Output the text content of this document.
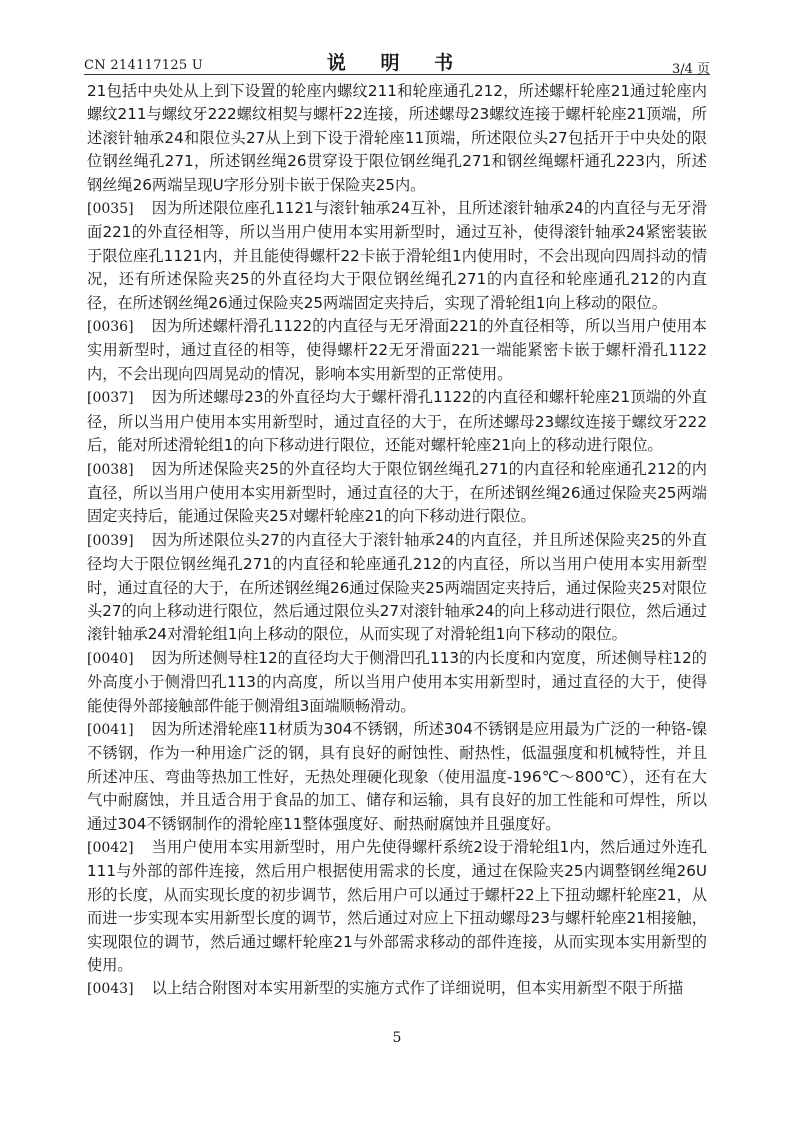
CN 214117125 U	说 明 书	3/4 页

21包括中央处从上到下设置的轮座内螺纹211和轮座通孔212，所述螺杆轮座21通过轮座内螺纹211与螺纹牙222螺纹相契与螺杆22连接，所述螺母23螺纹连接于螺杆轮座21顶端，所述滚针轴承24和限位头27从上到下设于滑轮座11顶端，所述限位头27包括开于中央处的限位钢丝绳孔271，所述钢丝绳26贯穿设于限位钢丝绳孔271和钢丝绳螺杆通孔223内，所述钢丝绳26两端呈现U字形分别卡嵌于保险夹25内。

[0035] 因为所述限位座孔1121与滚针轴承24互补，且所述滚针轴承24的内直径与无牙滑面221的外直径相等，所以当用户使用本实用新型时，通过互补，使得滚针轴承24紧密装嵌于限位座孔1121内，并且能使得螺杆22卡嵌于滑轮组1内使用时，不会出现向四周抖动的情况，还有所述保险夹25的外直径均大于限位钢丝绳孔271的内直径和轮座通孔212的内直径，在所述钢丝绳26通过保险夹25两端固定夹持后，实现了滑轮组1向上移动的限位。

[0036] 因为所述螺杆滑孔1122的内直径与无牙滑面221的外直径相等，所以当用户使用本实用新型时，通过直径的相等，使得螺杆22无牙滑面221一端能紧密卡嵌于螺杆滑孔1122内，不会出现向四周晃动的情况，影响本实用新型的正常使用。

[0037] 因为所述螺母23的外直径均大于螺杆滑孔1122的内直径和螺杆轮座21顶端的外直径，所以当用户使用本实用新型时，通过直径的大于，在所述螺母23螺纹连接于螺纹牙222后，能对所述滑轮组1的向下移动进行限位，还能对螺杆轮座21向上的移动进行限位。

[0038] 因为所述保险夹25的外直径均大于限位钢丝绳孔271的内直径和轮座通孔212的内直径，所以当用户使用本实用新型时，通过直径的大于，在所述钢丝绳26通过保险夹25两端固定夹持后，能通过保险夹25对螺杆轮座21的向下移动进行限位。

[0039] 因为所述限位头27的内直径大于滚针轴承24的内直径，并且所述保险夹25的外直径均大于限位钢丝绳孔271的内直径和轮座通孔212的内直径，所以当用户使用本实用新型时，通过直径的大于，在所述钢丝绳26通过保险夹25两端固定夹持后，通过保险夹25对限位头27的向上移动进行限位，然后通过限位头27对滚针轴承24的向上移动进行限位，然后通过滚针轴承24对滑轮组1向上移动的限位，从而实现了对滑轮组1向下移动的限位。

[0040] 因为所述侧导柱12的直径均大于侧滑凹孔113的内长度和内宽度，所述侧导柱12的外高度小于侧滑凹孔113的内高度，所以当用户使用本实用新型时，通过直径的大于，使得能使得外部接触部件能于侧滑组3面端顺畅滑动。

[0041] 因为所述滑轮座11材质为304不锈钢，所述304不锈钢是应用最为广泛的一种铬-镍不锈钢，作为一种用途广泛的钢，具有良好的耐蚀性、耐热性，低温强度和机械特性，并且所述冲压、弯曲等热加工性好，无热处理硬化现象（使用温度-196℃～800℃），还有在大气中耐腐蚀，并且适合用于食品的加工、储存和运输，具有良好的加工性能和可焊性，所以通过304不锈钢制作的滑轮座11整体强度好、耐热耐腐蚀并且强度好。

[0042] 当用户使用本实用新型时，用户先使得螺杆系统2设于滑轮组1内，然后通过外连孔111与外部的部件连接，然后用户根据使用需求的长度，通过在保险夹25内调整钢丝绳26U形的长度，从而实现长度的初步调节，然后用户可以通过于螺杆22上下扭动螺杆轮座21，从而进一步实现本实用新型长度的调节，然后通过对应上下扭动螺母23与螺杆轮座21相接触，实现限位的调节，然后通过螺杆轮座21与外部需求移动的部件连接，从而实现本实用新型的使用。

[0043] 以上结合附图对本实用新型的实施方式作了详细说明，但本实用新型不限于所描

5
